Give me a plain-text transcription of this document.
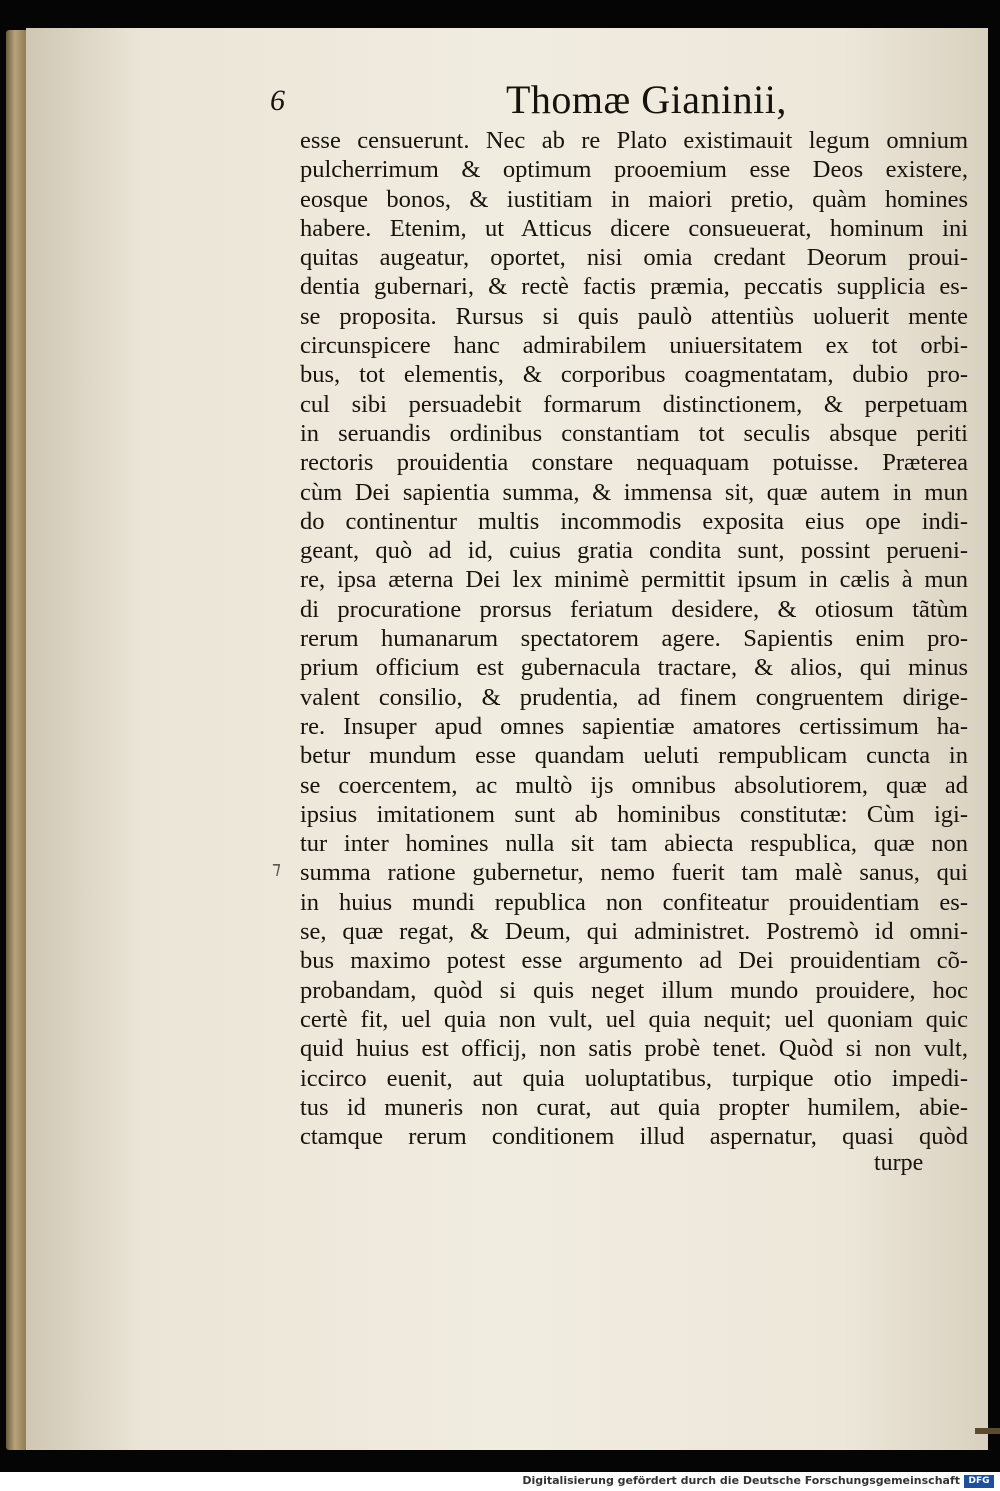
6	Thomæ Gianinii,
esse censuerunt. Nec ab re Plato existimauit legum omnium
pulcherrimum & optimum prooemium esse Deos existere,
eosque bonos, & iustitiam in maiori pretio, quàm homines
habere. Etenim, ut Atticus dicere consueuerat, hominum ini
quitas augeatur, oportet, nisi omia credant Deorum proui-
dentia gubernari, & rectè factis præmia, peccatis supplicia es-
se proposita. Rursus si quis paulò attentiùs uoluerit mente
circunspicere hanc admirabilem uniuersitatem ex tot orbi-
bus, tot elementis, & corporibus coagmentatam, dubio pro-
cul sibi persuadebit formarum distinctionem, & perpetuam
in seruandis ordinibus constantiam tot seculis absque periti
rectoris prouidentia constare nequaquam potuisse. Præterea
cùm Dei sapientia summa, & immensa sit, quæ autem in mun
do continentur multis incommodis exposita eius ope indi-
geant, quò ad id, cuius gratia condita sunt, possint perueni-
re, ipsa æterna Dei lex minimè permittit ipsum in cælis à mun
di procuratione prorsus feriatum desidere, & otiosum tãtùm
rerum humanarum spectatorem agere. Sapientis enim pro-
prium officium est gubernacula tractare, & alios, qui minus
valent consilio, & prudentia, ad finem congruentem dirige-
re. Insuper apud omnes sapientiæ amatores certissimum ha-
betur mundum esse quandam ueluti rempublicam cuncta in
se coercentem, ac multò ijs omnibus absolutiorem, quæ ad
ipsius imitationem sunt ab hominibus constitutæ: Cùm igi-
tur inter homines nulla sit tam abiecta respublica, quæ non
summa ratione gubernetur, nemo fuerit tam malè sanus, qui
in huius mundi republica non confiteatur prouidentiam es-
se, quæ regat, & Deum, qui administret. Postremò id omni-
bus maximo potest esse argumento ad Dei prouidentiam cõ-
probandam, quòd si quis neget illum mundo prouidere, hoc
certè fit, uel quia non vult, uel quia nequit; uel quoniam quic
quid huius est officij, non satis probè tenet. Quòd si non vult,
iccirco euenit, aut quia uoluptatibus, turpique otio impedi-
tus id muneris non curat, aut quia propter humilem, abie-
ctamque rerum conditionem illud aspernatur, quasi quòd
⁊
turpe
Digitalisierung gefördert durch die Deutsche Forschungsgemeinschaft DFG
